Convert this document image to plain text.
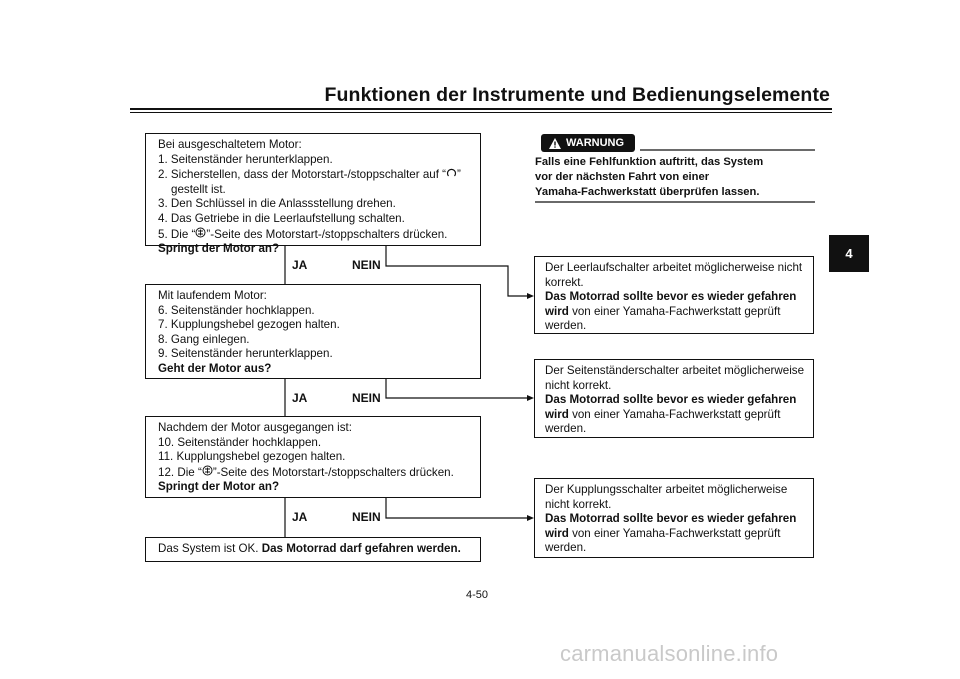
Funktionen der Instrumente und Bedienungselemente
4
Bei ausgeschaltetem Motor:
1. Seitenständer herunterklappen.
2. Sicherstellen, dass der Motorstart-/stoppschalter auf “ ”
gestellt ist.
3. Den Schlüssel in die Anlassstellung drehen.
4. Das Getriebe in die Leerlaufstellung schalten.
5. Die “ ”-Seite des Motorstart-/stoppschalters drücken.
Springt der Motor an?
JA	NEIN
Mit laufendem Motor:
6. Seitenständer hochklappen.
7. Kupplungshebel gezogen halten.
8. Gang einlegen.
9. Seitenständer herunterklappen.
Geht der Motor aus?
JA	NEIN
Nachdem der Motor ausgegangen ist:
10. Seitenständer hochklappen.
11. Kupplungshebel gezogen halten.
12. Die “ ”-Seite des Motorstart-/stoppschalters drücken.
Springt der Motor an?
JA	NEIN
Das System ist OK. Das Motorrad darf gefahren werden.
WARNUNG
Falls eine Fehlfunktion auftritt, das System
vor der nächsten Fahrt von einer
Yamaha-Fachwerkstatt überprüfen lassen.
Der Leerlaufschalter arbeitet möglicherweise nicht
korrekt.
Das Motorrad sollte bevor es wieder gefahren
wird von einer Yamaha-Fachwerkstatt geprüft
werden.
Der Seitenständerschalter arbeitet möglicherweise
nicht korrekt.
Das Motorrad sollte bevor es wieder gefahren
wird von einer Yamaha-Fachwerkstatt geprüft
werden.
Der Kupplungsschalter arbeitet möglicherweise
nicht korrekt.
Das Motorrad sollte bevor es wieder gefahren
wird von einer Yamaha-Fachwerkstatt geprüft
werden.
4-50
carmanualsonline.info
